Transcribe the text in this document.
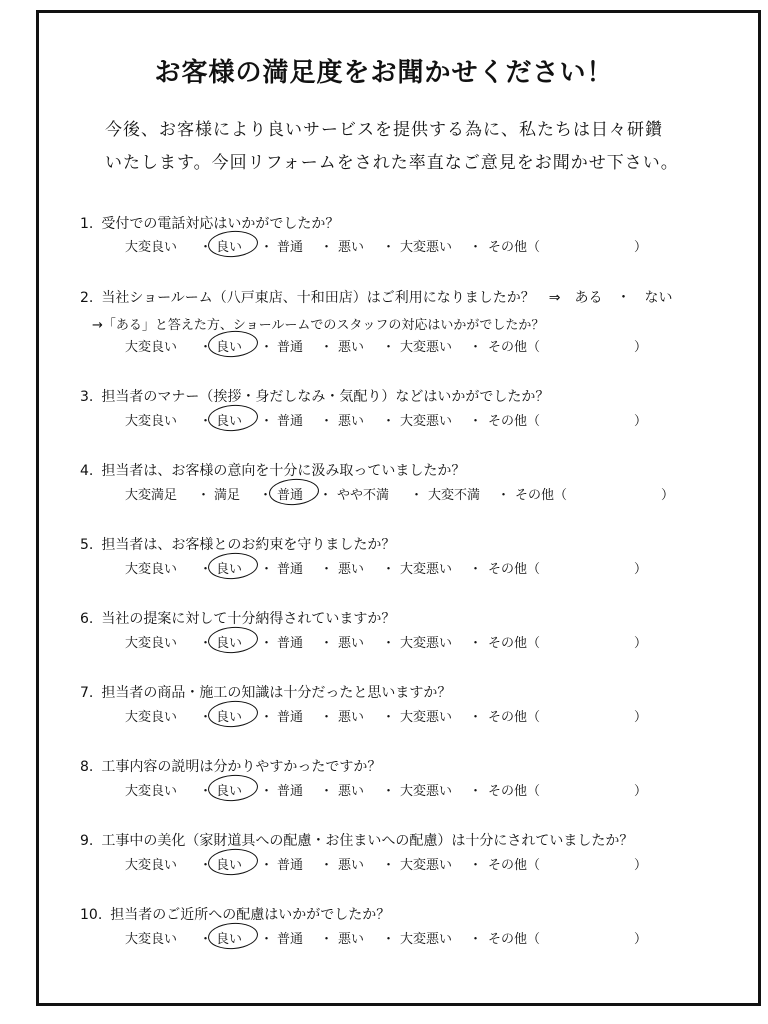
お客様の満足度をお聞かせください！
今後、お客様により良いサービスを提供する為に、私たちは日々研鑽
いたします。今回リフォームをされた率直なご意見をお聞かせ下さい。
1. 受付での電話対応はいかがでしたか？
大変良い	良い	普通	悪い	大変悪い	その他（	）
・	・	・	・	・
2. 当社ショールーム（八戸東店、十和田店）はご利用になりましたか？　⇒　ある　・　ない
→「ある」と答えた方、ショールームでのスタッフの対応はいかがでしたか？
大変良い	良い	普通	悪い	大変悪い	その他（	）
・	・	・	・	・
3. 担当者のマナー（挨拶・身だしなみ・気配り）などはいかがでしたか？
大変良い	良い	普通	悪い	大変悪い	その他（	）
・	・	・	・	・
4. 担当者は、お客様の意向を十分に汲み取っていましたか？
大変満足	満足	普通	やや不満	大変不満	その他（	）
・	・	・	・	・
5. 担当者は、お客様とのお約束を守りましたか？
大変良い	良い	普通	悪い	大変悪い	その他（	）
・	・	・	・	・
6. 当社の提案に対して十分納得されていますか？
大変良い	良い	普通	悪い	大変悪い	その他（	）
・	・	・	・	・
7. 担当者の商品・施工の知識は十分だったと思いますか？
大変良い	良い	普通	悪い	大変悪い	その他（	）
・	・	・	・	・
8. 工事内容の説明は分かりやすかったですか？
大変良い	良い	普通	悪い	大変悪い	その他（	）
・	・	・	・	・
9. 工事中の美化（家財道具への配慮・お住まいへの配慮）は十分にされていましたか？
大変良い	良い	普通	悪い	大変悪い	その他（	）
・	・	・	・	・
10. 担当者のご近所への配慮はいかがでしたか？
大変良い	良い	普通	悪い	大変悪い	その他（	）
・	・	・	・	・
